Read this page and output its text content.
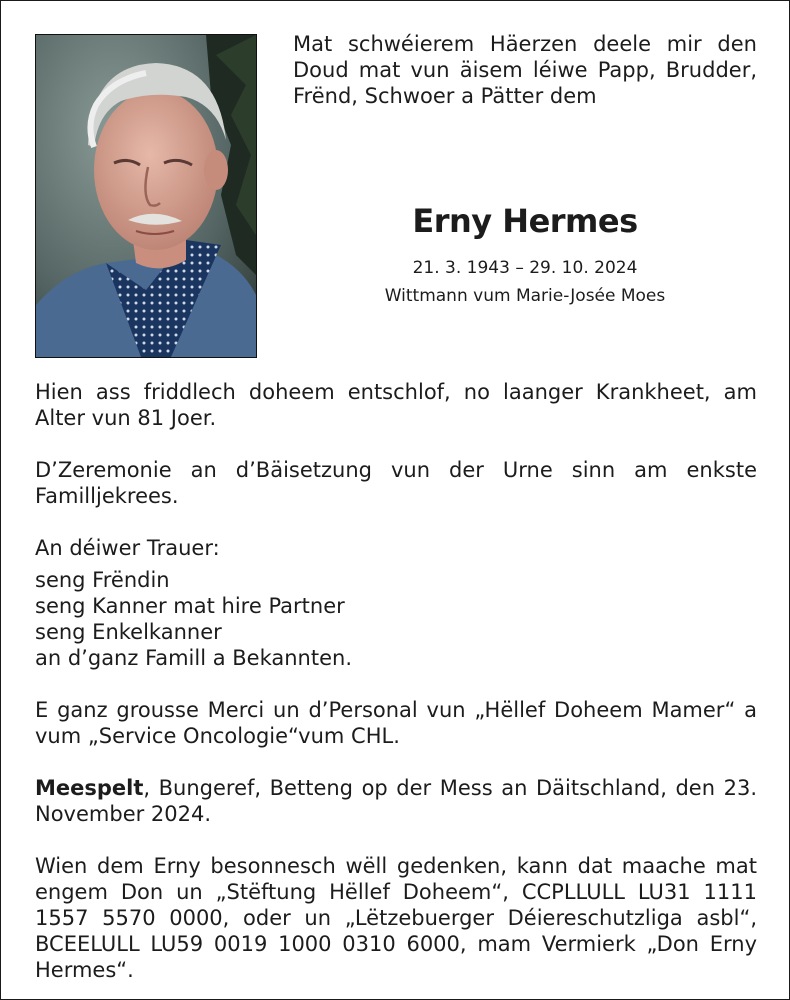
Mat schwéierem Häerzen deele mir den Doud mat vun äisem léiwe Papp, Brudder, Frënd, Schwoer a Pätter dem
Erny Hermes
21. 3. 1943 – 29. 10. 2024
Wittmann vum Marie-Josée Moes

Hien ass friddlech doheem entschlof, no laanger Krankheet, am Alter vun 81 Joer.

D’Zeremonie an d’Bäisetzung vun der Urne sinn am enkste Familljekrees.

An déiwer Trauer:

seng Frëndin
seng Kanner mat hire Partner
seng Enkelkanner
an d’ganz Famill a Bekannten.

E ganz grousse Merci un d’Personal vun „Hëllef Doheem Mamer“ a vum „Service Oncologie“vum CHL.

Meespelt, Bungeref, Betteng op der Mess an Däitschland, den 23. November 2024.

Wien dem Erny besonnesch wëll gedenken, kann dat maache mat engem Don un „Stëftung Hëllef Doheem“, CCPLLULL LU31 1111 1557 5570 0000, oder un „Lëtzebuerger Déiereschutzliga asbl“, BCEELULL LU59 0019 1000 0310 6000, mam Vermierk „Don Erny Hermes“.
